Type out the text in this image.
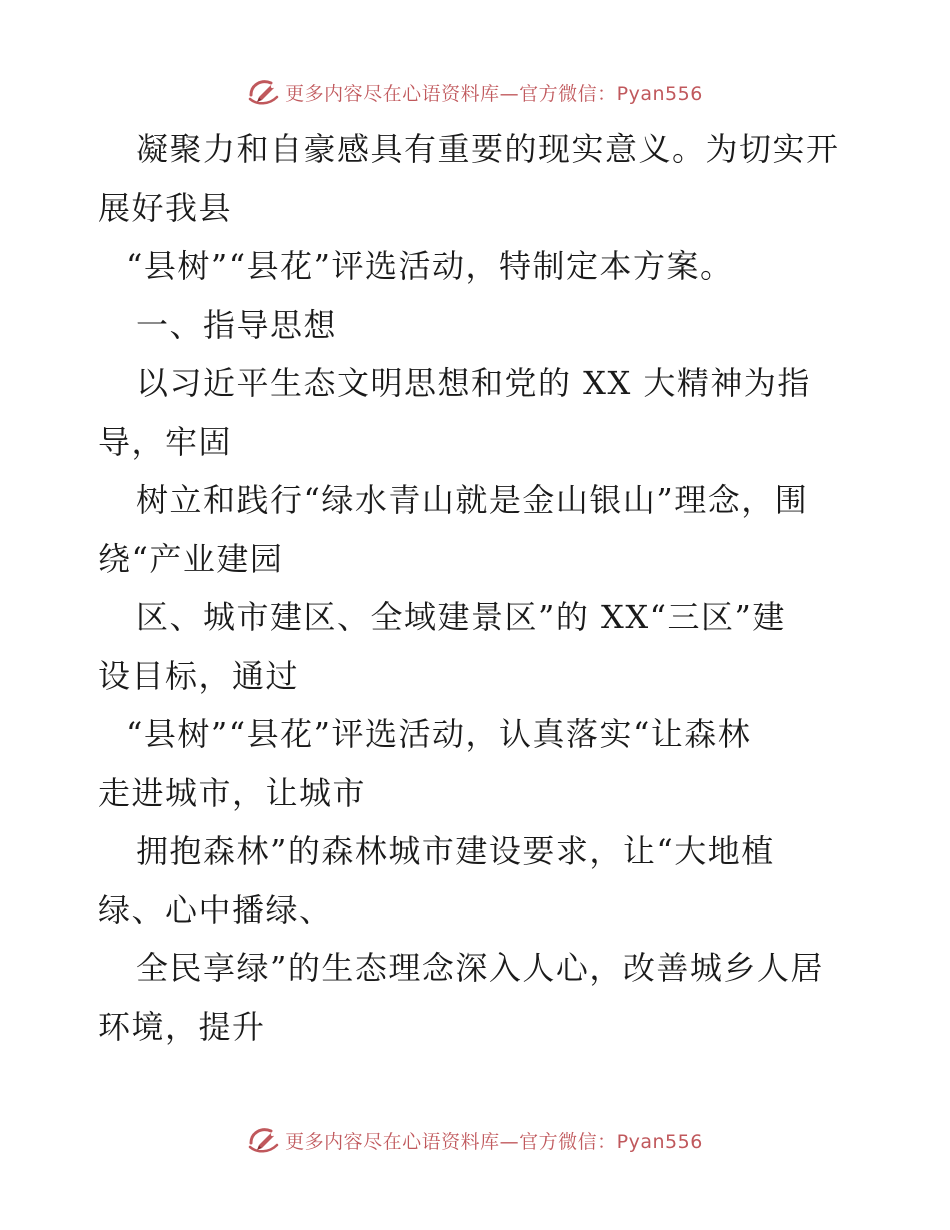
更多内容尽在心语资料库—官方微信：Pyan556
凝聚力和自豪感具有重要的现实意义。为切实开
展好我县
“县树”“县花”评选活动，特制定本方案。
一、指导思想
以习近平生态文明思想和党的 XX 大精神为指
导，牢固
树立和践行“绿水青山就是金山银山”理念，围
绕“产业建园
区、城市建区、全域建景区”的 XX“三区”建
设目标，通过
“县树”“县花”评选活动，认真落实“让森林
走进城市，让城市
拥抱森林”的森林城市建设要求，让“大地植
绿、心中播绿、
全民享绿”的生态理念深入人心，改善城乡人居
环境，提升
更多内容尽在心语资料库—官方微信：Pyan556
